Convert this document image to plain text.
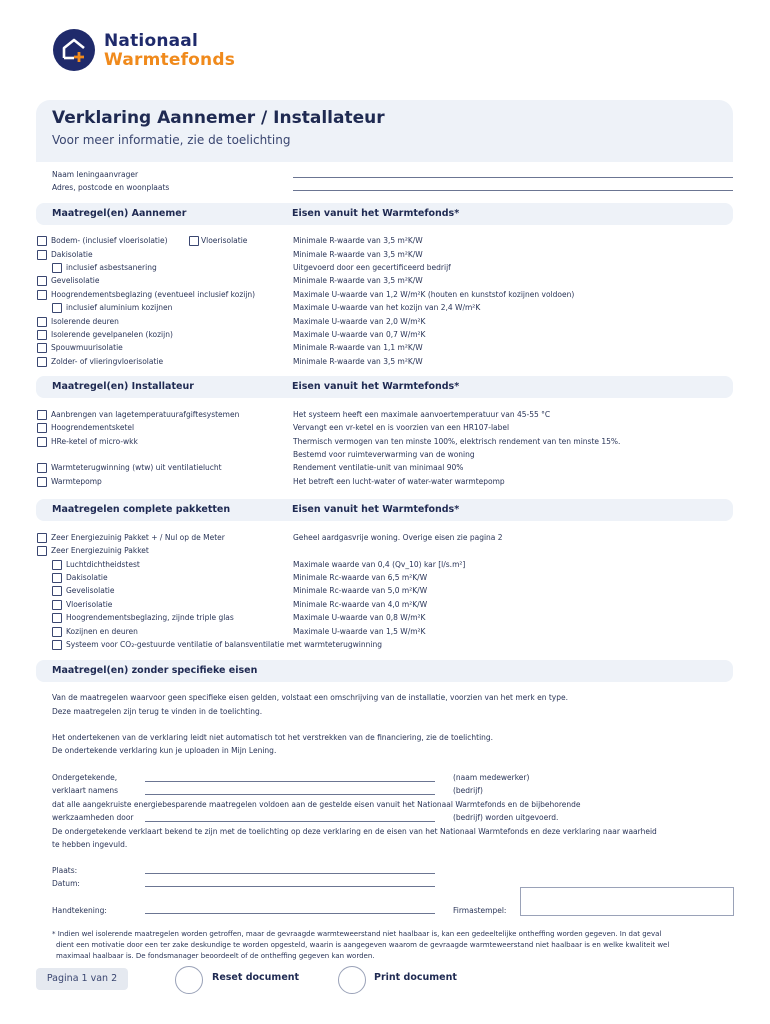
Nationaal
Warmtefonds
Verklaring Aannemer / Installateur
Voor meer informatie, zie de toelichting
Naam leningaanvrager
Adres, postcode en woonplaats
Maatregel(en) Aannemer	Eisen vanuit het Warmtefonds*
Bodem- (inclusief vloerisolatie)	Vloerisolatie	Minimale R-waarde van 3,5 m²K/W
Dakisolatie	Minimale R-waarde van 3,5 m²K/W
inclusief asbestsanering	Uitgevoerd door een gecertificeerd bedrijf
Gevelisolatie	Minimale R-waarde van 3,5 m²K/W
Hoogrendementsbeglazing (eventueel inclusief kozijn)	Maximale U-waarde van 1,2 W/m²K (houten en kunststof kozijnen voldoen)
inclusief aluminium kozijnen	Maximale U-waarde van het kozijn van 2,4 W/m²K
Isolerende deuren	Maximale U-waarde van 2,0 W/m²K
Isolerende gevelpanelen (kozijn)	Maximale U-waarde van 0,7 W/m²K
Spouwmuurisolatie	Minimale R-waarde van 1,1 m²K/W
Zolder- of vlieringvloerisolatie	Minimale R-waarde van 3,5 m²K/W
Maatregel(en) Installateur	Eisen vanuit het Warmtefonds*
Aanbrengen van lagetemperatuurafgiftesystemen	Het systeem heeft een maximale aanvoertemperatuur van 45-55 °C
Hoogrendementsketel	Vervangt een vr-ketel en is voorzien van een HR107-label
HRe-ketel of micro-wkk	Thermisch vermogen van ten minste 100%, elektrisch rendement van ten minste 15%.
Bestemd voor ruimteverwarming van de woning
Warmteterugwinning (wtw) uit ventilatielucht	Rendement ventilatie-unit van minimaal 90%
Warmtepomp	Het betreft een lucht-water of water-water warmtepomp
Maatregelen complete pakketten	Eisen vanuit het Warmtefonds*
Zeer Energiezuinig Pakket + / Nul op de Meter	Geheel aardgasvrije woning. Overige eisen zie pagina 2
Zeer Energiezuinig Pakket
Luchtdichtheidstest	Maximale waarde van 0,4 (Qv_10) kar [l/s.m²]
Dakisolatie	Minimale Rc-waarde van 6,5 m²K/W
Gevelisolatie	Minimale Rc-waarde van 5,0 m²K/W
Vloerisolatie	Minimale Rc-waarde van 4,0 m²K/W
Hoogrendementsbeglazing, zijnde triple glas	Maximale U-waarde van 0,8 W/m²K
Kozijnen en deuren	Maximale U-waarde van 1,5 W/m²K
Systeem voor CO₂-gestuurde ventilatie of balansventilatie met warmteterugwinning
Maatregel(en) zonder specifieke eisen
Van de maatregelen waarvoor geen specifieke eisen gelden, volstaat een omschrijving van de installatie, voorzien van het merk en type.
Deze maatregelen zijn terug te vinden in de toelichting.
Het ondertekenen van de verklaring leidt niet automatisch tot het verstrekken van de financiering, zie de toelichting.
De ondertekende verklaring kun je uploaden in Mijn Lening.
Ondergetekende,	(naam medewerker)
verklaart namens	(bedrijf)
dat alle aangekruiste energiebesparende maatregelen voldoen aan de gestelde eisen vanuit het Nationaal Warmtefonds en de bijbehorende
werkzaamheden door	(bedrijf) worden uitgevoerd.
De ondergetekende verklaart bekend te zijn met de toelichting op deze verklaring en de eisen van het Nationaal Warmtefonds en deze verklaring naar waarheid
te hebben ingevuld.
Plaats:
Datum:
Handtekening:	Firmastempel:
* Indien wel isolerende maatregelen worden getroffen, maar de gevraagde warmteweerstand niet haalbaar is, kan een gedeeltelijke ontheffing worden gegeven. In dat geval
dient een motivatie door een ter zake deskundige te worden opgesteld, waarin is aangegeven waarom de gevraagde warmteweerstand niet haalbaar is en welke kwaliteit wel
maximaal haalbaar is. De fondsmanager beoordeelt of de ontheffing gegeven kan worden.
Pagina 1 van 2	Reset document	Print document
